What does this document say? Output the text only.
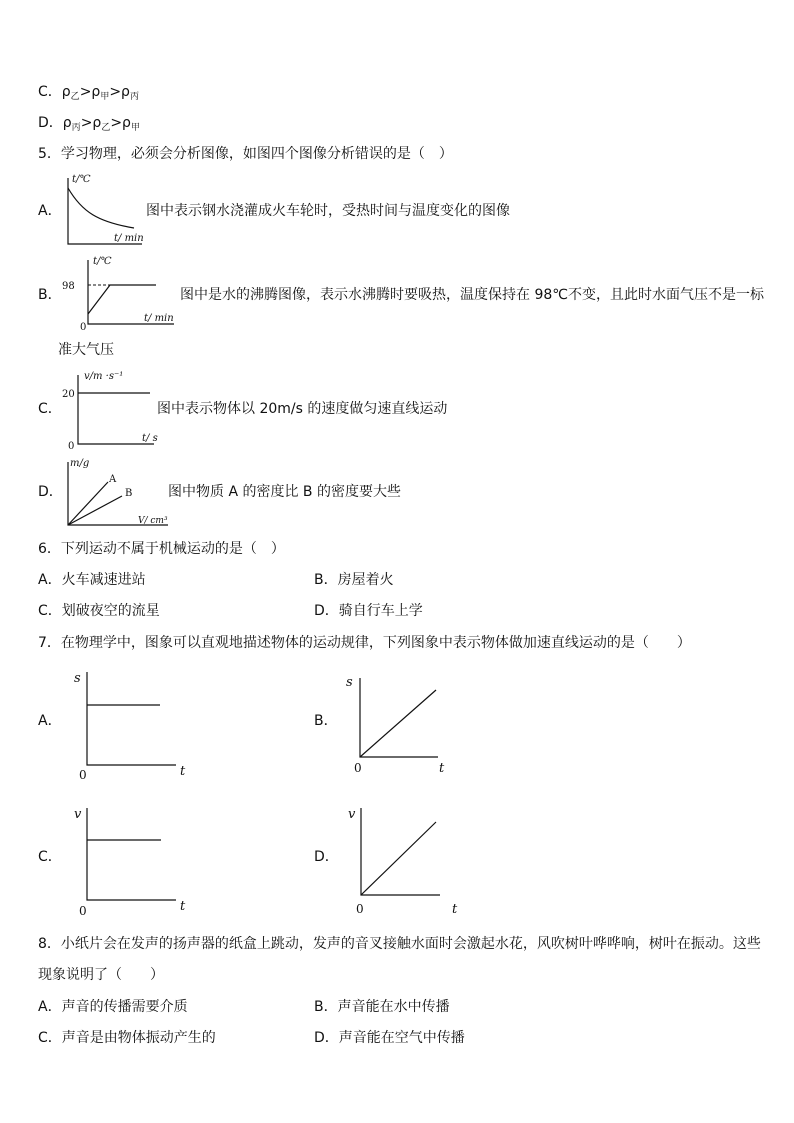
C．$\rho_乙>\rho_甲>\rho_丙$
D．$\rho_丙>\rho_乙>\rho_甲$
5．学习物理，必须会分析图像，如图四个图像分析错误的是（　）
A．
t/℃
t/ min
图中表示钢水浇灌成火车轮时，受热时间与温度变化的图像
B．
t/℃
98
0
t/ min
图中是水的沸腾图像，表示水沸腾时要吸热，温度保持在 98℃不变，且此时水面气压不是一标
准大气压
C．
v/m ·s⁻¹
20
0
t/ s
图中表示物体以 20m/s 的速度做匀速直线运动
D．
m/g
A
B
V/ cm³
图中物质 A 的密度比 B 的密度要大些
6．下列运动不属于机械运动的是（　）
A．火车减速进站	B．房屋着火
C．划破夜空的流星	D．骑自行车上学
7．在物理学中，图象可以直观地描述物体的运动规律，下列图象中表示物体做加速直线运动的是（　　）
A．
s
t
0
B．
s
t
0
C．
v
t
0
D．
v
t
0
8．小纸片会在发声的扬声器的纸盒上跳动，发声的音叉接触水面时会激起水花，风吹树叶哗哗响，树叶在振动。这些
现象说明了（　　）
A．声音的传播需要介质	B．声音能在水中传播
C．声音是由物体振动产生的	D．声音能在空气中传播
